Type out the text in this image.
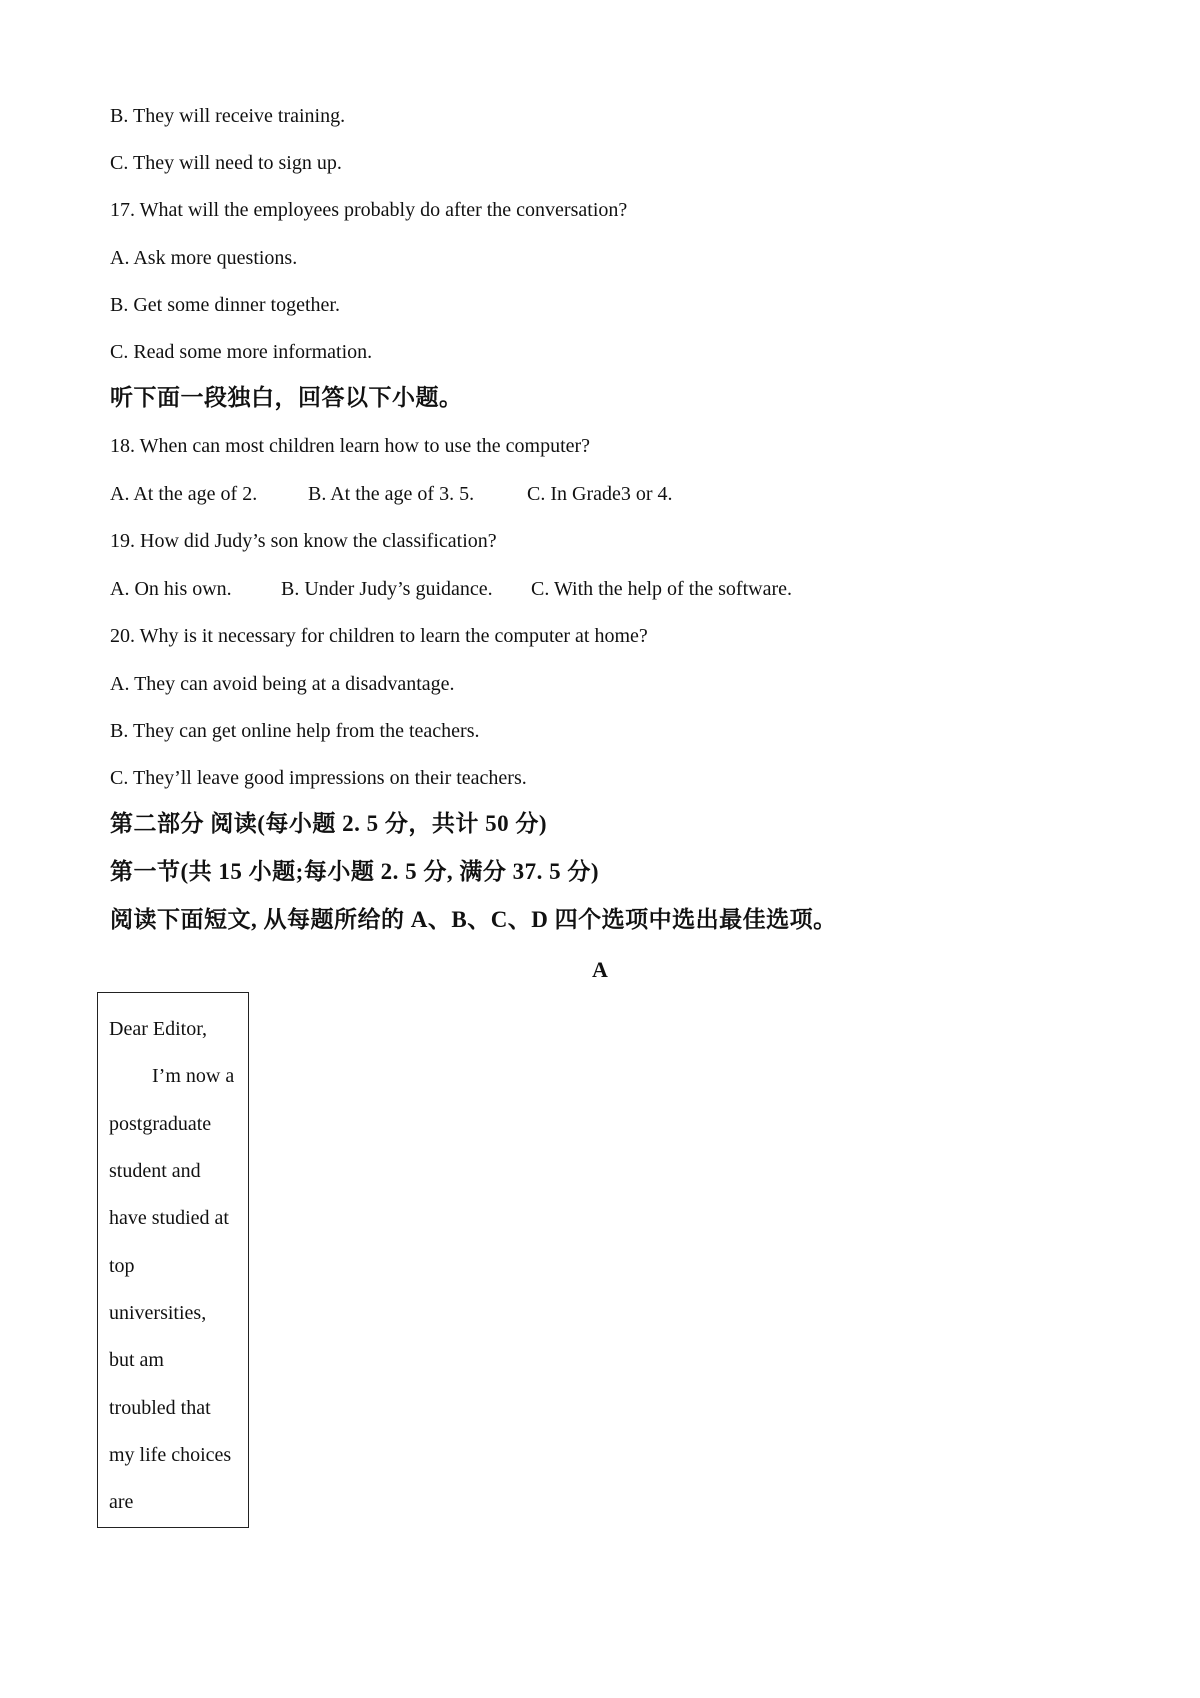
B. They will receive training.
C. They will need to sign up.
17. What will the employees probably do after the conversation?
A. Ask more questions.
B. Get some dinner together.
C. Read some more information.
听下面一段独白，回答以下小题。
18. When can most children learn how to use the computer?
A. At the age of 2.	B. At the age of 3. 5.	C. In Grade3 or 4.
19. How did Judy’s son know the classification?
A. On his own. B. Under Judy’s guidance. C. With the help of the software.
20. Why is it necessary for children to learn the computer at home?
A. They can avoid being at a disadvantage.
B. They can get online help from the teachers.
C. They’ll leave good impressions on their teachers.
第二部分 阅读(每小题 2. 5 分，共计 50 分)
第一节(共 15 小题;每小题 2. 5 分, 满分 37. 5 分)
阅读下面短文, 从每题所给的 A、B、C、D 四个选项中选出最佳选项。
A
Dear Editor,
I’m now a
postgraduate
student and
have studied at
top
universities,
but am
troubled that
my life choices
are
